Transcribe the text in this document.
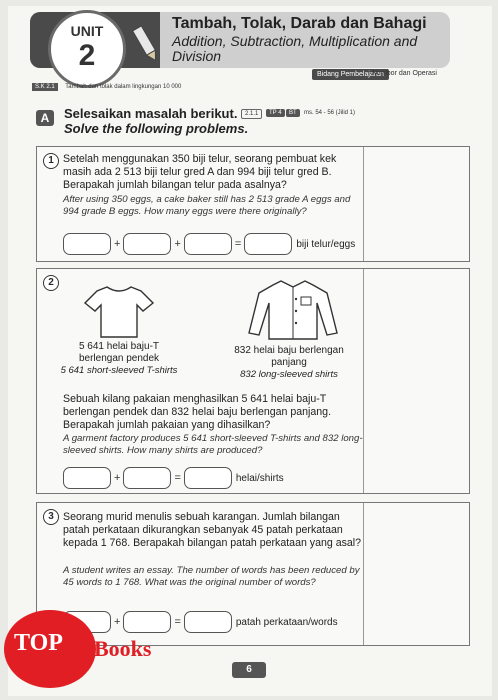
UNIT
2
Tambah, Tolak, Darab dan Bahagi
Addition, Subtraction, Multiplication and Division
Bidang Pembelajaran
Nombor dan Operasi
S.K 2.1 Tambah dan tolak dalam lingkungan 10 000
A	Selesaikan masalah berikut.
Solve the following problems.
2.1.1	TP 4	BT	ms. 54 - 56 (Jilid 1)
1 Setelah menggunakan 350 biji telur, seorang pembuat kek masih ada 2 513 biji telur gred A dan 994 biji telur gred B. Berapakah jumlah bilangan telur pada asalnya?
After using 350 eggs, a cake baker still has 2 513 grade A eggs and 994 grade B eggs. How many eggs were there originally?
+	+	=	biji telur/eggs
2
5 641 helai baju-T berlengan pendek
5 641 short-sleeved T-shirts
832 helai baju berlengan panjang
832 long-sleeved shirts
Sebuah kilang pakaian menghasilkan 5 641 helai baju-T berlengan pendek dan 832 helai baju berlengan panjang. Berapakah jumlah pakaian yang dihasilkan?
A garment factory produces 5 641 short-sleeved T-shirts and 832 long-sleeved shirts. How many shirts are produced?
+	=	helai/shirts
3 Seorang murid menulis sebuah karangan. Jumlah bilangan patah perkataan dikurangkan sebanyak 45 patah perkataan kepada 1 768. Berapakah bilangan patah perkataan yang asal?
A student writes an essay. The number of words has been reduced by 45 words to 1 768. What was the original number of words?
+	=	patah perkataan/words
6
TOP Books
